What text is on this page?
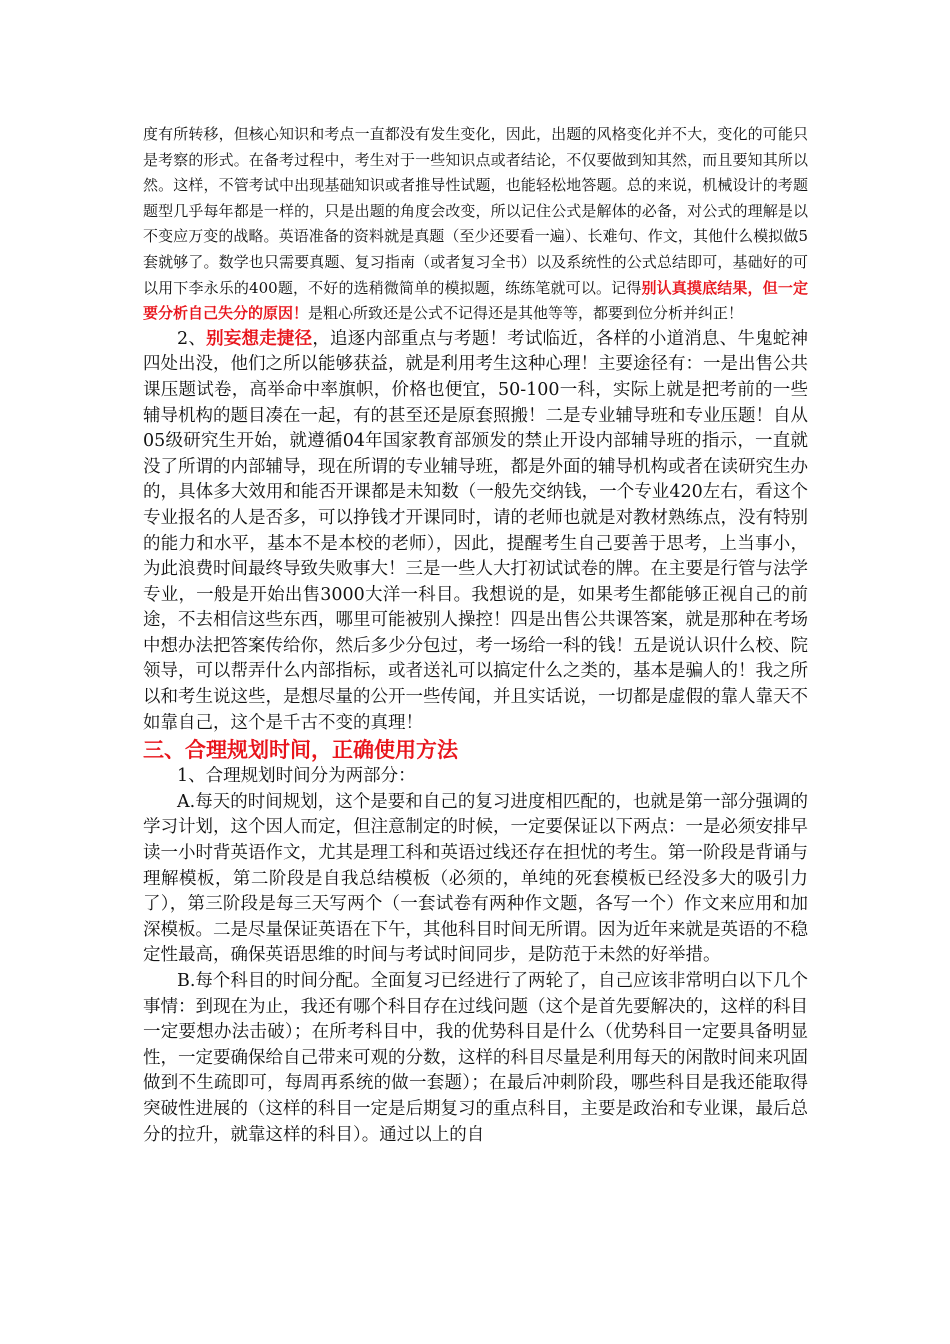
度有所转移，但核心知识和考点一直都没有发生变化，因此，出题的风格变化并不大，变化的可能只是考察的形式。在备考过程中，考生对于一些知识点或者结论，不仅要做到知其然，而且要知其所以然。这样，不管考试中出现基础知识或者推导性试题，也能轻松地答题。总的来说，机械设计的考题题型几乎每年都是一样的，只是出题的角度会改变，所以记住公式是解体的必备，对公式的理解是以不变应万变的战略。英语准备的资料就是真题（至少还要看一遍）、长难句、作文，其他什么模拟做5套就够了。数学也只需要真题、复习指南（或者复习全书）以及系统性的公式总结即可，基础好的可以用下李永乐的400题，不好的选稍微简单的模拟题，练练笔就可以。记得别认真摸底结果，但一定要分析自己失分的原因！是粗心所致还是公式不记得还是其他等等，都要到位分析并纠正！

2、别妄想走捷径，追逐内部重点与考题！考试临近，各样的小道消息、牛鬼蛇神四处出没，他们之所以能够获益，就是利用考生这种心理！主要途径有：一是出售公共课压题试卷，高举命中率旗帜，价格也便宜，50-100一科，实际上就是把考前的一些辅导机构的题目凑在一起，有的甚至还是原套照搬！二是专业辅导班和专业压题！自从05级研究生开始，就遵循04年国家教育部颁发的禁止开设内部辅导班的指示，一直就没了所谓的内部辅导，现在所谓的专业辅导班，都是外面的辅导机构或者在读研究生办的，具体多大效用和能否开课都是未知数（一般先交纳钱，一个专业420左右，看这个专业报名的人是否多，可以挣钱才开课同时，请的老师也就是对教材熟练点，没有特别的能力和水平，基本不是本校的老师），因此，提醒考生自己要善于思考，上当事小，为此浪费时间最终导致失败事大！三是一些人大打初试试卷的牌。在主要是行管与法学专业，一般是开始出售3000大洋一科目。我想说的是，如果考生都能够正视自己的前途，不去相信这些东西，哪里可能被别人操控！四是出售公共课答案，就是那种在考场中想办法把答案传给你，然后多少分包过，考一场给一科的钱！五是说认识什么校、院领导，可以帮弄什么内部指标，或者送礼可以搞定什么之类的，基本是骗人的！我之所以和考生说这些，是想尽量的公开一些传闻，并且实话说，一切都是虚假的靠人靠天不如靠自己，这个是千古不变的真理！

三、合理规划时间，正确使用方法

1、合理规划时间分为两部分：

A.每天的时间规划，这个是要和自己的复习进度相匹配的，也就是第一部分强调的学习计划，这个因人而定，但注意制定的时候，一定要保证以下两点：一是必须安排早读一小时背英语作文，尤其是理工科和英语过线还存在担忧的考生。第一阶段是背诵与理解模板，第二阶段是自我总结模板（必须的，单纯的死套模板已经没多大的吸引力了），第三阶段是每三天写两个（一套试卷有两种作文题，各写一个）作文来应用和加深模板。二是尽量保证英语在下午，其他科目时间无所谓。因为近年来就是英语的不稳定性最高，确保英语思维的时间与考试时间同步，是防范于未然的好举措。

B.每个科目的时间分配。全面复习已经进行了两轮了，自己应该非常明白以下几个事情：到现在为止，我还有哪个科目存在过线问题（这个是首先要解决的，这样的科目一定要想办法击破）；在所考科目中，我的优势科目是什么（优势科目一定要具备明显性，一定要确保给自己带来可观的分数，这样的科目尽量是利用每天的闲散时间来巩固做到不生疏即可，每周再系统的做一套题）；在最后冲刺阶段，哪些科目是我还能取得突破性进展的（这样的科目一定是后期复习的重点科目，主要是政治和专业课，最后总分的拉升，就靠这样的科目）。通过以上的自
